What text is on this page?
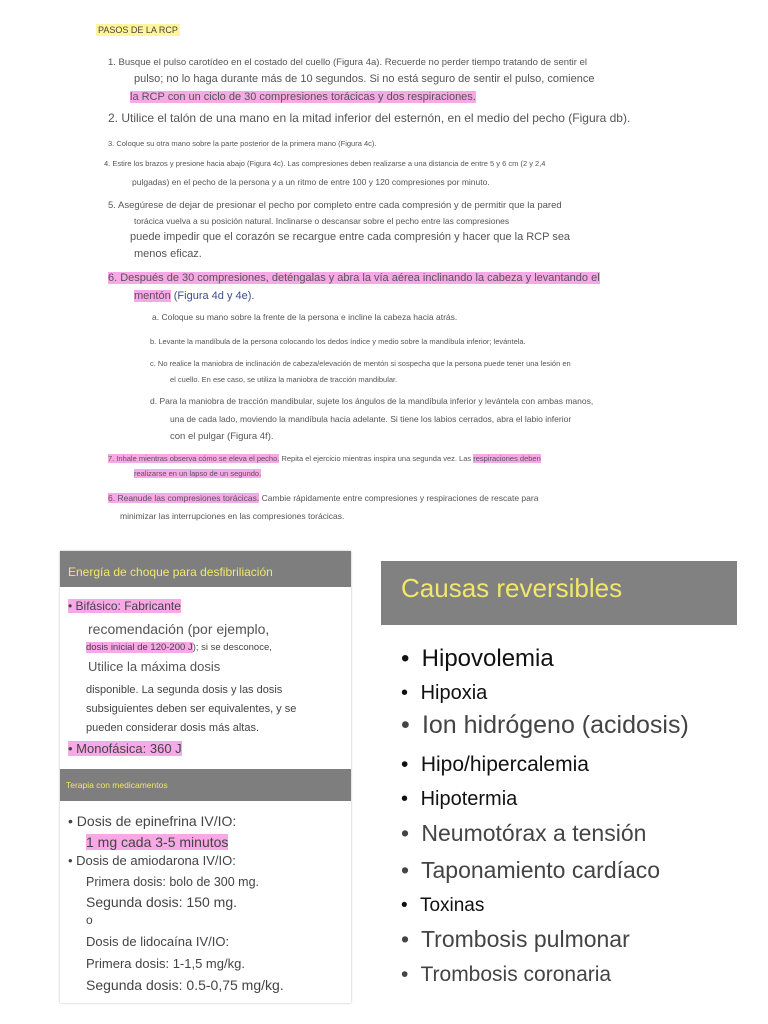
PASOS DE LA RCP
1. Busque el pulso carotídeo en el costado del cuello (Figura 4a). Recuerde no perder tiempo tratando de sentir el
pulso; no lo haga durante más de 10 segundos. Si no está seguro de sentir el pulso, comience
la RCP con un ciclo de 30 compresiones torácicas y dos respiraciones.
2. Utilice el talón de una mano en la mitad inferior del esternón, en el medio del pecho (Figura db).
3. Coloque su otra mano sobre la parte posterior de la primera mano (Figura 4c).
4. Estire los brazos y presione hacia abajo (Figura 4c). Las compresiones deben realizarse a una distancia de entre 5 y 6 cm (2 y 2,4
pulgadas) en el pecho de la persona y a un ritmo de entre 100 y 120 compresiones por minuto.
5. Asegúrese de dejar de presionar el pecho por completo entre cada compresión y de permitir que la pared
torácica vuelva a su posición natural. Inclinarse o descansar sobre el pecho entre las compresiones
puede impedir que el corazón se recargue entre cada compresión y hacer que la RCP sea
menos eficaz.
6. Después de 30 compresiones, deténgalas y abra la vía aérea inclinando la cabeza y levantando el
mentón (Figura 4d y 4e).
a. Coloque su mano sobre la frente de la persona e incline la cabeza hacia atrás.
b. Levante la mandíbula de la persona colocando los dedos índice y medio sobre la mandíbula inferior; levántela.
c. No realice la maniobra de inclinación de cabeza/elevación de mentón si sospecha que la persona puede tener una lesión en
el cuello. En ese caso, se utiliza la maniobra de tracción mandibular.
d. Para la maniobra de tracción mandibular, sujete los ángulos de la mandíbula inferior y levántela con ambas manos,
una de cada lado, moviendo la mandíbula hacia adelante. Si tiene los labios cerrados, abra el labio inferior
con el pulgar (Figura 4f).
7. Inhale mientras observa cómo se eleva el pecho. Repita el ejercicio mientras inspira una segunda vez. Las respiraciones deben
realizarse en un lapso de un segundo.
6. Reanude las compresiones torácicas. Cambie rápidamente entre compresiones y respiraciones de rescate para
minimizar las interrupciones en las compresiones torácicas.
Energía de choque para desfibriliación
• Bifásico: Fabricante
recomendación (por ejemplo,
dosis inicial de 120-200 J); si se desconoce,
Utilice la máxima dosis
disponible. La segunda dosis y las dosis
subsiguientes deben ser equivalentes, y se
pueden considerar dosis más altas.
• Monofásica: 360 J
Terapia con medicamentos
• Dosis de epinefrina IV/IO:
1 mg cada 3-5 minutos
• Dosis de amiodarona IV/IO:
Primera dosis: bolo de 300 mg.
Segunda dosis: 150 mg.
o
Dosis de lidocaína IV/IO:
Primera dosis: 1-1,5 mg/kg.
Segunda dosis: 0.5-0,75 mg/kg.
Causas reversibles
• Hipovolemia
• Hipoxia
• Ion hidrógeno (acidosis)
• Hipo/hipercalemia
• Hipotermia
• Neumotórax a tensión
• Taponamiento cardíaco
• Toxinas
• Trombosis pulmonar
• Trombosis coronaria
